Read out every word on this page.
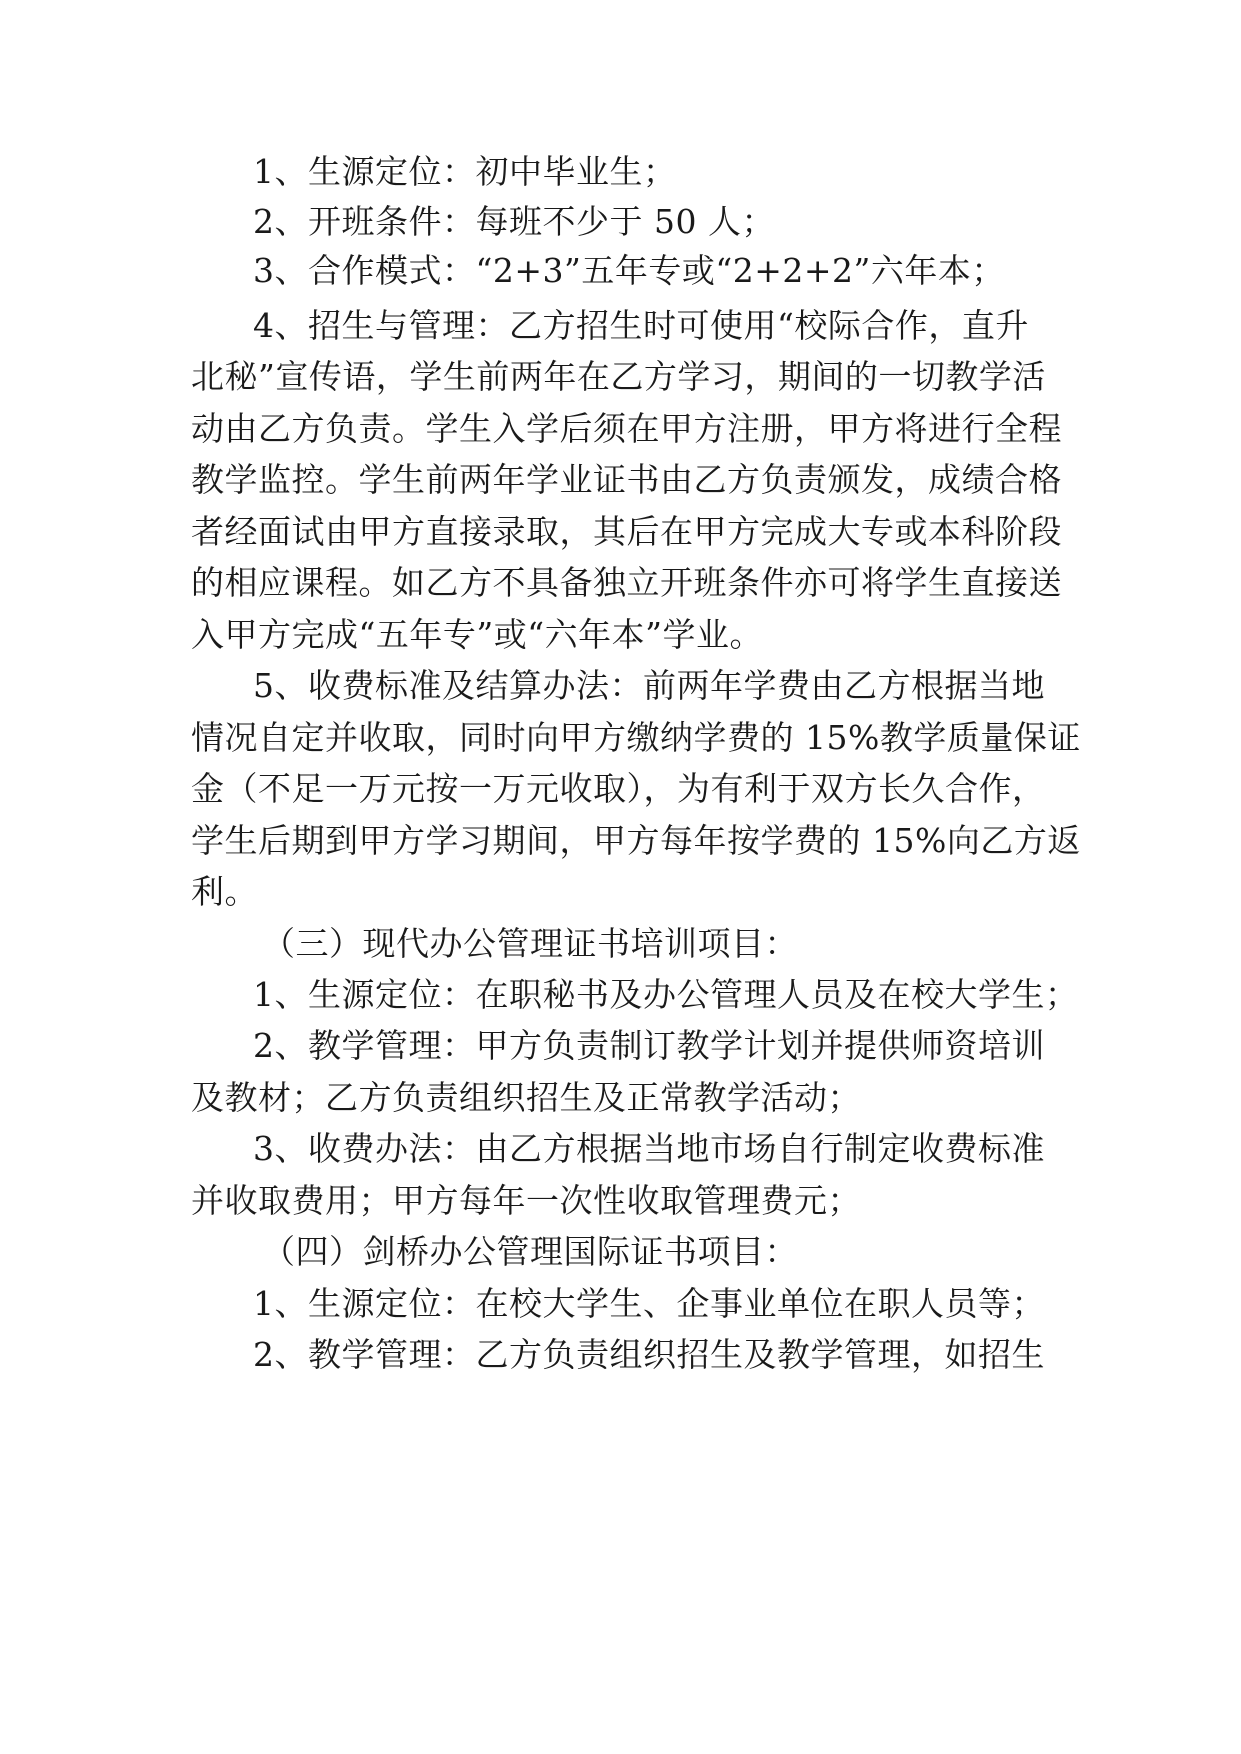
1、生源定位：初中毕业生；
2、开班条件：每班不少于 50 人；
3、合作模式：“2+3”五年专或“2+2+2”六年本；
4、招生与管理：乙方招生时可使用“校际合作，直升
北秘”宣传语，学生前两年在乙方学习，期间的一切教学活
动由乙方负责。学生入学后须在甲方注册，甲方将进行全程
教学监控。学生前两年学业证书由乙方负责颁发，成绩合格
者经面试由甲方直接录取，其后在甲方完成大专或本科阶段
的相应课程。如乙方不具备独立开班条件亦可将学生直接送
入甲方完成“五年专”或“六年本”学业。
5、收费标准及结算办法：前两年学费由乙方根据当地
情况自定并收取，同时向甲方缴纳学费的 15%教学质量保证
金（不足一万元按一万元收取），为有利于双方长久合作，
学生后期到甲方学习期间，甲方每年按学费的 15%向乙方返
利。
（三）现代办公管理证书培训项目：
1、生源定位：在职秘书及办公管理人员及在校大学生；
2、教学管理：甲方负责制订教学计划并提供师资培训
及教材；乙方负责组织招生及正常教学活动；
3、收费办法：由乙方根据当地市场自行制定收费标准
并收取费用；甲方每年一次性收取管理费元；
（四）剑桥办公管理国际证书项目：
1、生源定位：在校大学生、企事业单位在职人员等；
2、教学管理：乙方负责组织招生及教学管理，如招生
